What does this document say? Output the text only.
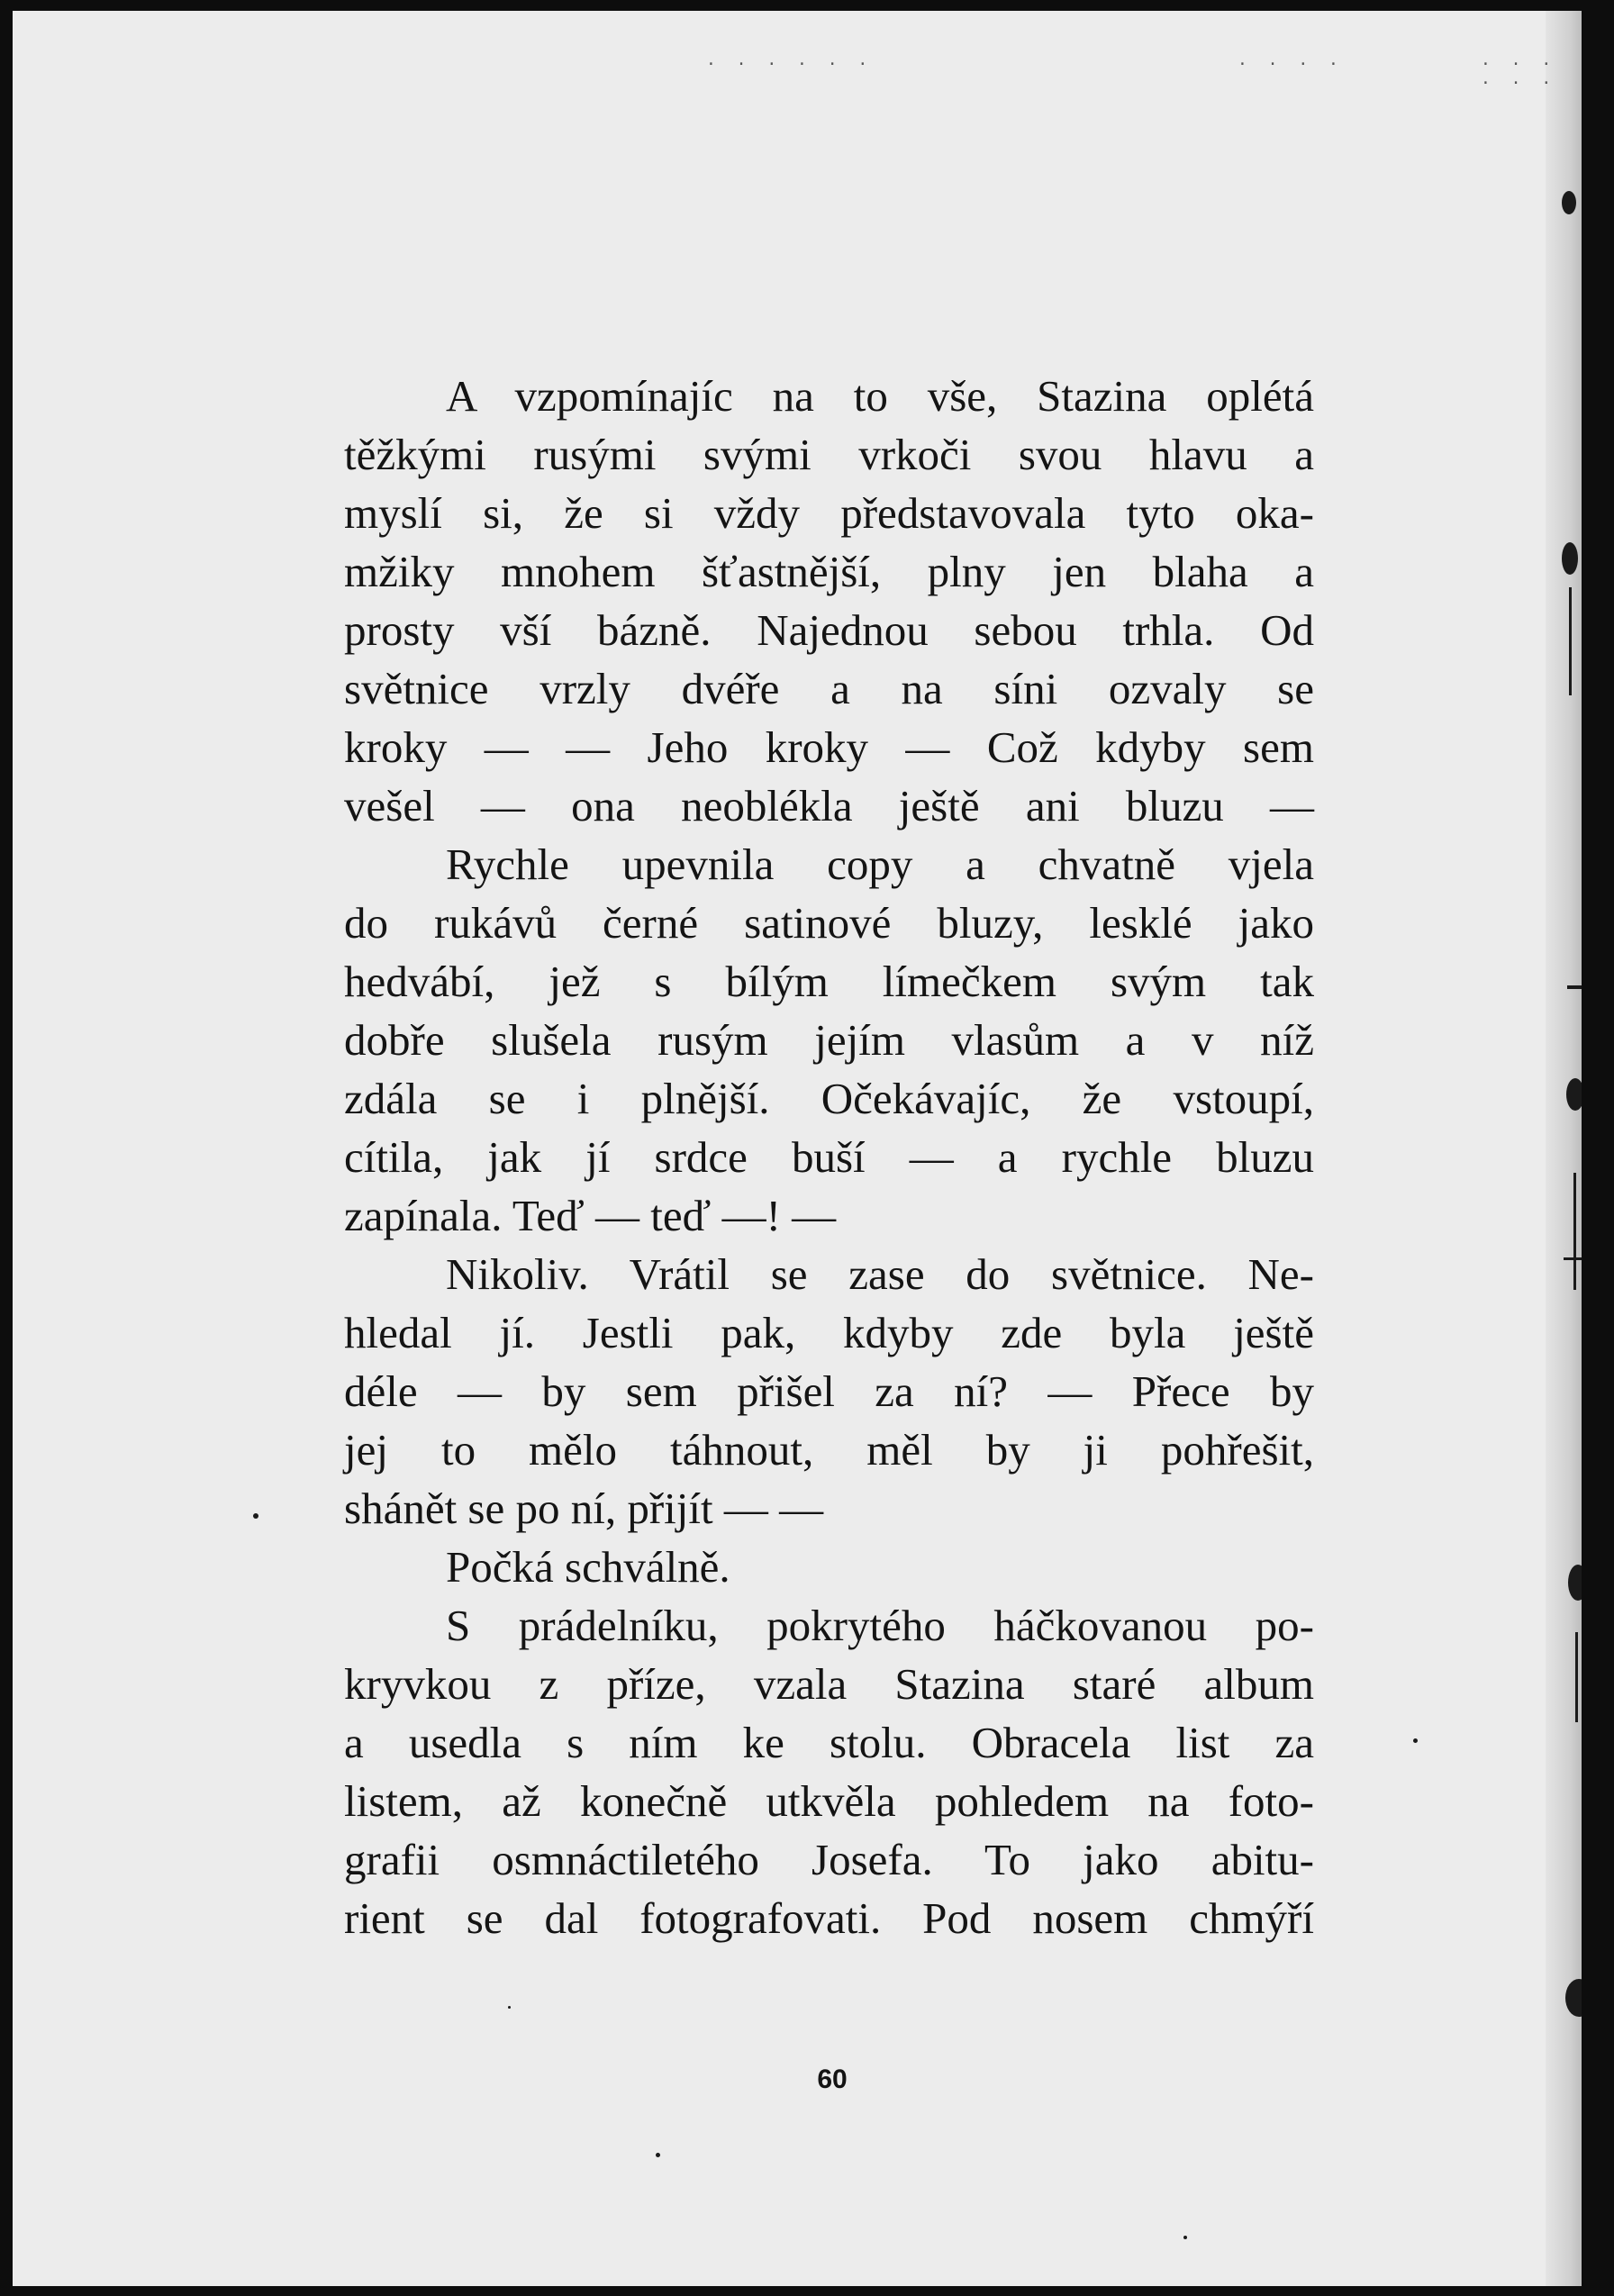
. . . . . .	. . . .	. . . . . .
A vzpomínajíc na to vše, Stazina oplétá
těžkými rusými svými vrkoči svou hlavu a
myslí si, že si vždy představovala tyto oka-
mžiky mnohem šťastnější, plny jen blaha a
prosty vší bázně. Najednou sebou trhla. Od
světnice vrzly dvéře a na síni ozvaly se
kroky — — Jeho kroky — Což kdyby sem
vešel — ona neoblékla ještě ani bluzu —
Rychle upevnila copy a chvatně vjela
do rukávů černé satinové bluzy, lesklé jako
hedvábí, jež s bílým límečkem svým tak
dobře slušela rusým jejím vlasům a v níž
zdála se i plnější. Očekávajíc, že vstoupí,
cítila, jak jí srdce buší — a rychle bluzu
zapínala. Teď — teď —! —
Nikoliv. Vrátil se zase do světnice. Ne-
hledal jí. Jestli pak, kdyby zde byla ještě
déle — by sem přišel za ní? — Přece by
jej to mělo táhnout, měl by ji pohřešit,
shánět se po ní, přijít — —
Počká schválně.
S prádelníku, pokrytého háčkovanou po-
kryvkou z příze, vzala Stazina staré album
a usedla s ním ke stolu. Obracela list za
listem, až konečně utkvěla pohledem na foto-
grafii osmnáctiletého Josefa. To jako abitu-
rient se dal fotografovati. Pod nosem chmýří
60
